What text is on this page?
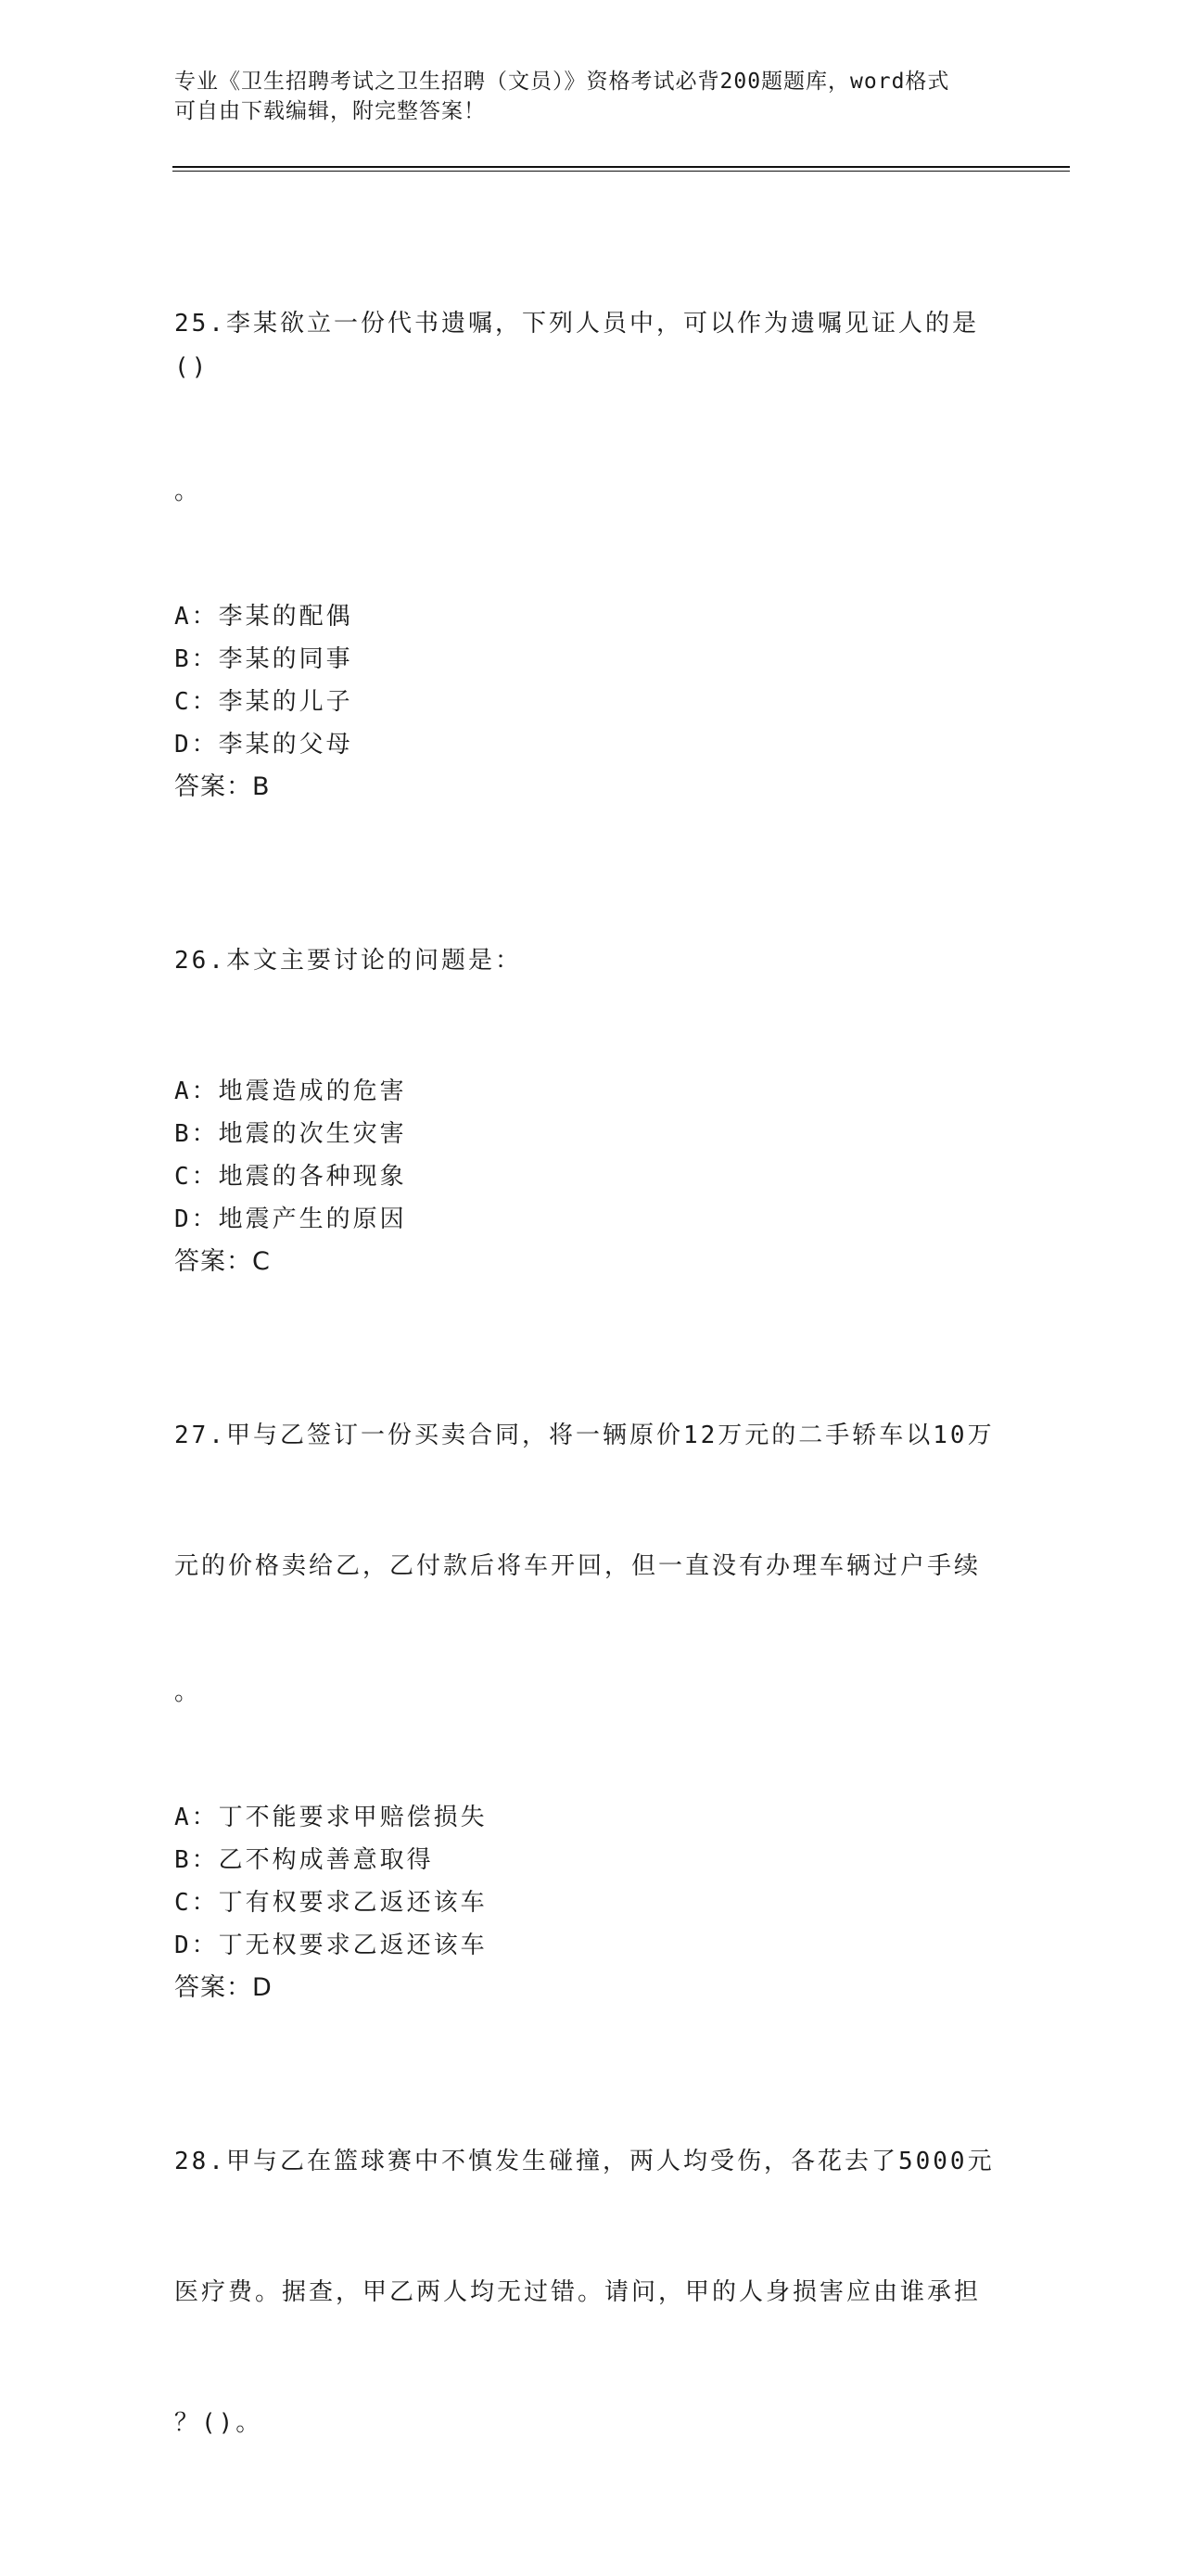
专业《卫生招聘考试之卫生招聘（文员）》资格考试必背200题题库，word格式
可自由下载编辑，附完整答案！

25.李某欲立一份代书遗嘱，下列人员中，可以作为遗嘱见证人的是()

。

A：李某的配偶
B：李某的同事
C：李某的儿子
D：李某的父母
答案：B

26.本文主要讨论的问题是：

A：地震造成的危害
B：地震的次生灾害
C：地震的各种现象
D：地震产生的原因
答案：C

27.甲与乙签订一份买卖合同，将一辆原价12万元的二手轿车以10万

元的价格卖给乙，乙付款后将车开回，但一直没有办理车辆过户手续

。

A：丁不能要求甲赔偿损失
B：乙不构成善意取得
C：丁有权要求乙返还该车
D：丁无权要求乙返还该车
答案：D

28.甲与乙在篮球赛中不慎发生碰撞，两人均受伤，各花去了5000元

医疗费。据查，甲乙两人均无过错。请问，甲的人身损害应由谁承担

？()。
